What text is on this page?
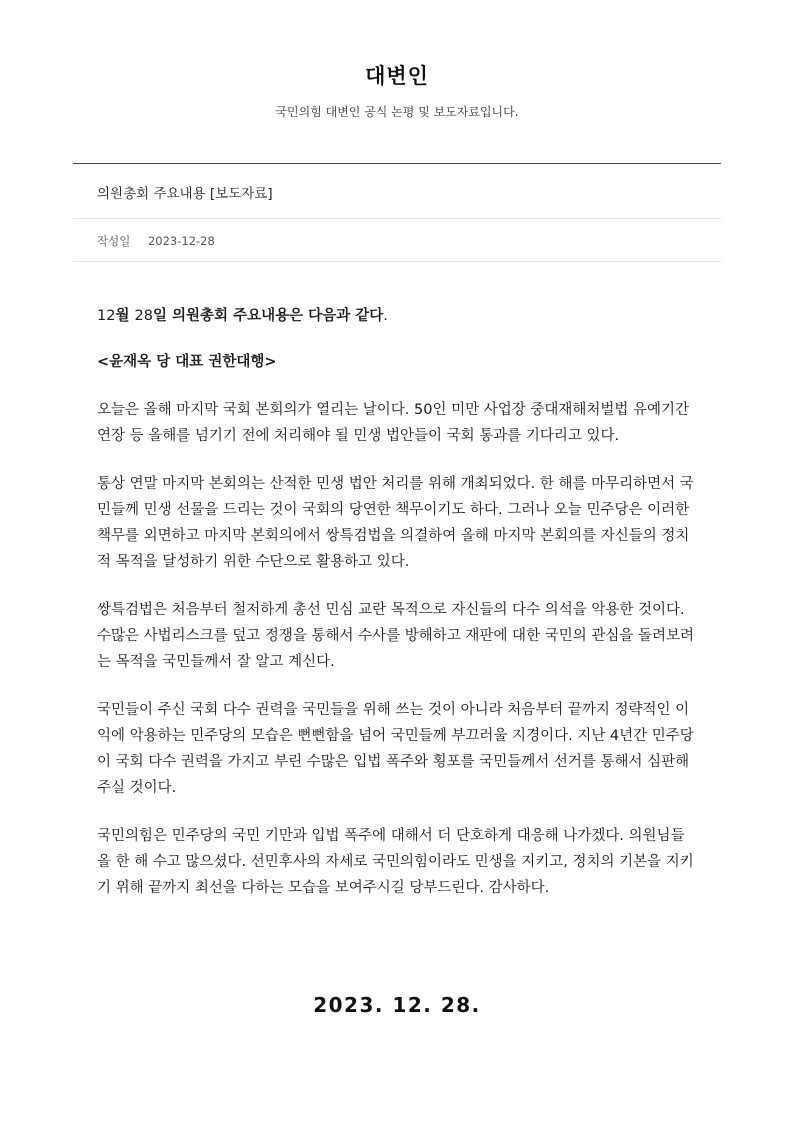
대변인
국민의힘 대변인 공식 논평 및 보도자료입니다.
의원총회 주요내용 [보도자료]
작성일 2023-12-28

12월 28일 의원총회 주요내용은 다음과 같다.

<윤재옥 당 대표 권한대행>

오늘은 올해 마지막 국회 본회의가 열리는 날이다. 50인 미만 사업장 중대재해처벌법 유예기간 연장 등 올해를 넘기기 전에 처리해야 될 민생 법안들이 국회 통과를 기다리고 있다.

통상 연말 마지막 본회의는 산적한 민생 법안 처리를 위해 개최되었다. 한 해를 마무리하면서 국민들께 민생 선물을 드리는 것이 국회의 당연한 책무이기도 하다. 그러나 오늘 민주당은 이러한 책무를 외면하고 마지막 본회의에서 쌍특검법을 의결하여 올해 마지막 본회의를 자신들의 정치적 목적을 달성하기 위한 수단으로 활용하고 있다.

쌍특검법은 처음부터 철저하게 총선 민심 교란 목적으로 자신들의 다수 의석을 악용한 것이다. 수많은 사법리스크를 덮고 정쟁을 통해서 수사를 방해하고 재판에 대한 국민의 관심을 돌려보려는 목적을 국민들께서 잘 알고 계신다.

국민들이 주신 국회 다수 권력을 국민들을 위해 쓰는 것이 아니라 처음부터 끝까지 정략적인 이익에 악용하는 민주당의 모습은 뻔뻔함을 넘어 국민들께 부끄러울 지경이다. 지난 4년간 민주당이 국회 다수 권력을 가지고 부린 수많은 입법 폭주와 횡포를 국민들께서 선거를 통해서 심판해 주실 것이다.

국민의힘은 민주당의 국민 기만과 입법 폭주에 대해서 더 단호하게 대응해 나가겠다. 의원님들 올 한 해 수고 많으셨다. 선민후사의 자세로 국민의힘이라도 민생을 지키고, 정치의 기본을 지키기 위해 끝까지 최선을 다하는 모습을 보여주시길 당부드린다. 감사하다.

2023. 12. 28.
